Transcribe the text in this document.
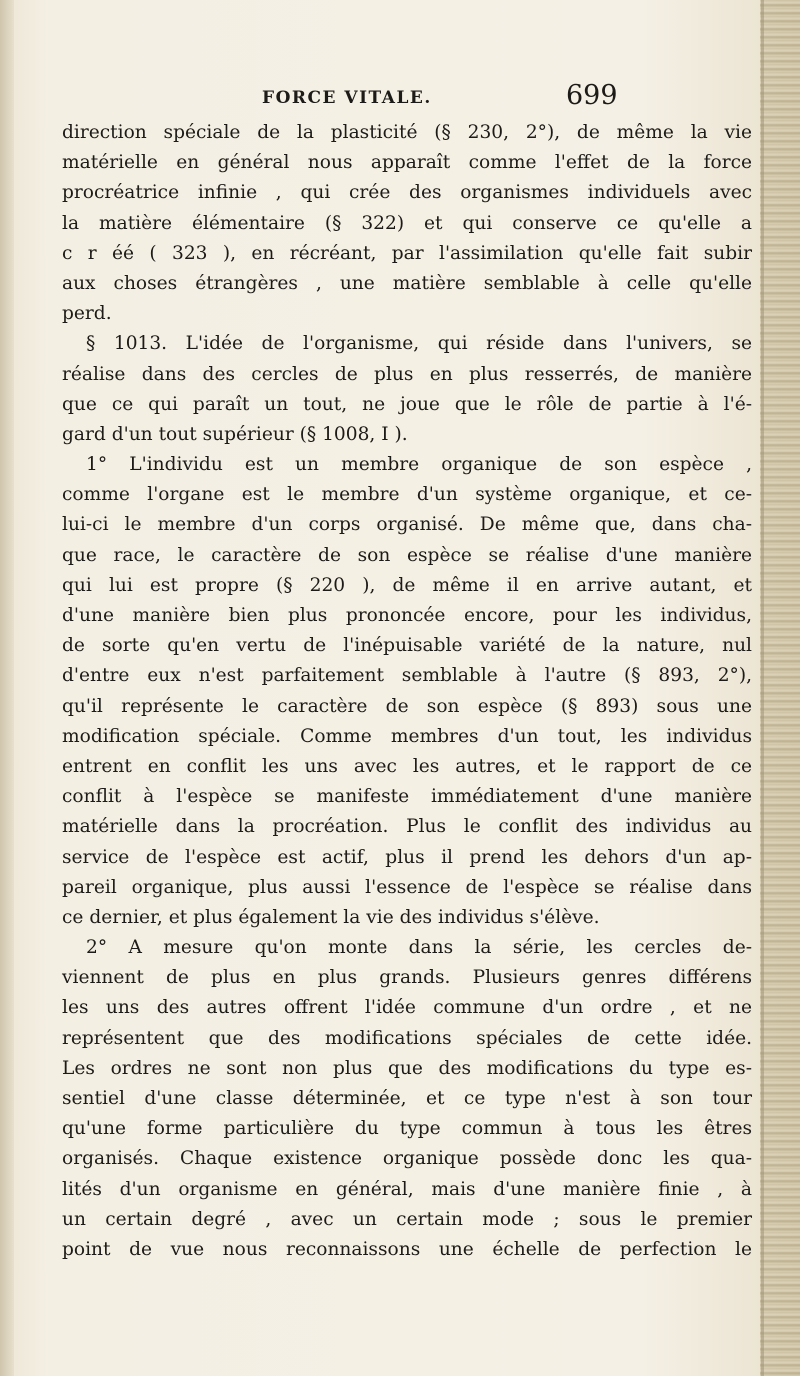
FORCE VITALE.	699
direction spéciale de la plasticité (§ 230, 2°), de même la vie
matérielle en général nous apparaît comme l'effet de la force
procréatrice infinie , qui crée des organismes individuels avec
la matière élémentaire (§ 322) et qui conserve ce qu'elle a
c r éé ( 323 ), en récréant, par l'assimilation qu'elle fait subir
aux choses étrangères , une matière semblable à celle qu'elle
perd.
§ 1013. L'idée de l'organisme, qui réside dans l'univers, se
réalise dans des cercles de plus en plus resserrés, de manière
que ce qui paraît un tout, ne joue que le rôle de partie à l'é-
gard d'un tout supérieur (§ 1008, I ).
1° L'individu est un membre organique de son espèce ,
comme l'organe est le membre d'un système organique, et ce-
lui-ci le membre d'un corps organisé. De même que, dans cha-
que race, le caractère de son espèce se réalise d'une manière
qui lui est propre (§ 220 ), de même il en arrive autant, et
d'une manière bien plus prononcée encore, pour les individus,
de sorte qu'en vertu de l'inépuisable variété de la nature, nul
d'entre eux n'est parfaitement semblable à l'autre (§ 893, 2°),
qu'il représente le caractère de son espèce (§ 893) sous une
modification spéciale. Comme membres d'un tout, les individus
entrent en conflit les uns avec les autres, et le rapport de ce
conflit à l'espèce se manifeste immédiatement d'une manière
matérielle dans la procréation. Plus le conflit des individus au
service de l'espèce est actif, plus il prend les dehors d'un ap-
pareil organique, plus aussi l'essence de l'espèce se réalise dans
ce dernier, et plus également la vie des individus s'élève.
2° A mesure qu'on monte dans la série, les cercles de-
viennent de plus en plus grands. Plusieurs genres différens
les uns des autres offrent l'idée commune d'un ordre , et ne
représentent que des modifications spéciales de cette idée.
Les ordres ne sont non plus que des modifications du type es-
sentiel d'une classe déterminée, et ce type n'est à son tour
qu'une forme particulière du type commun à tous les êtres
organisés. Chaque existence organique possède donc les qua-
lités d'un organisme en général, mais d'une manière finie , à
un certain degré , avec un certain mode ; sous le premier
point de vue nous reconnaissons une échelle de perfection le
